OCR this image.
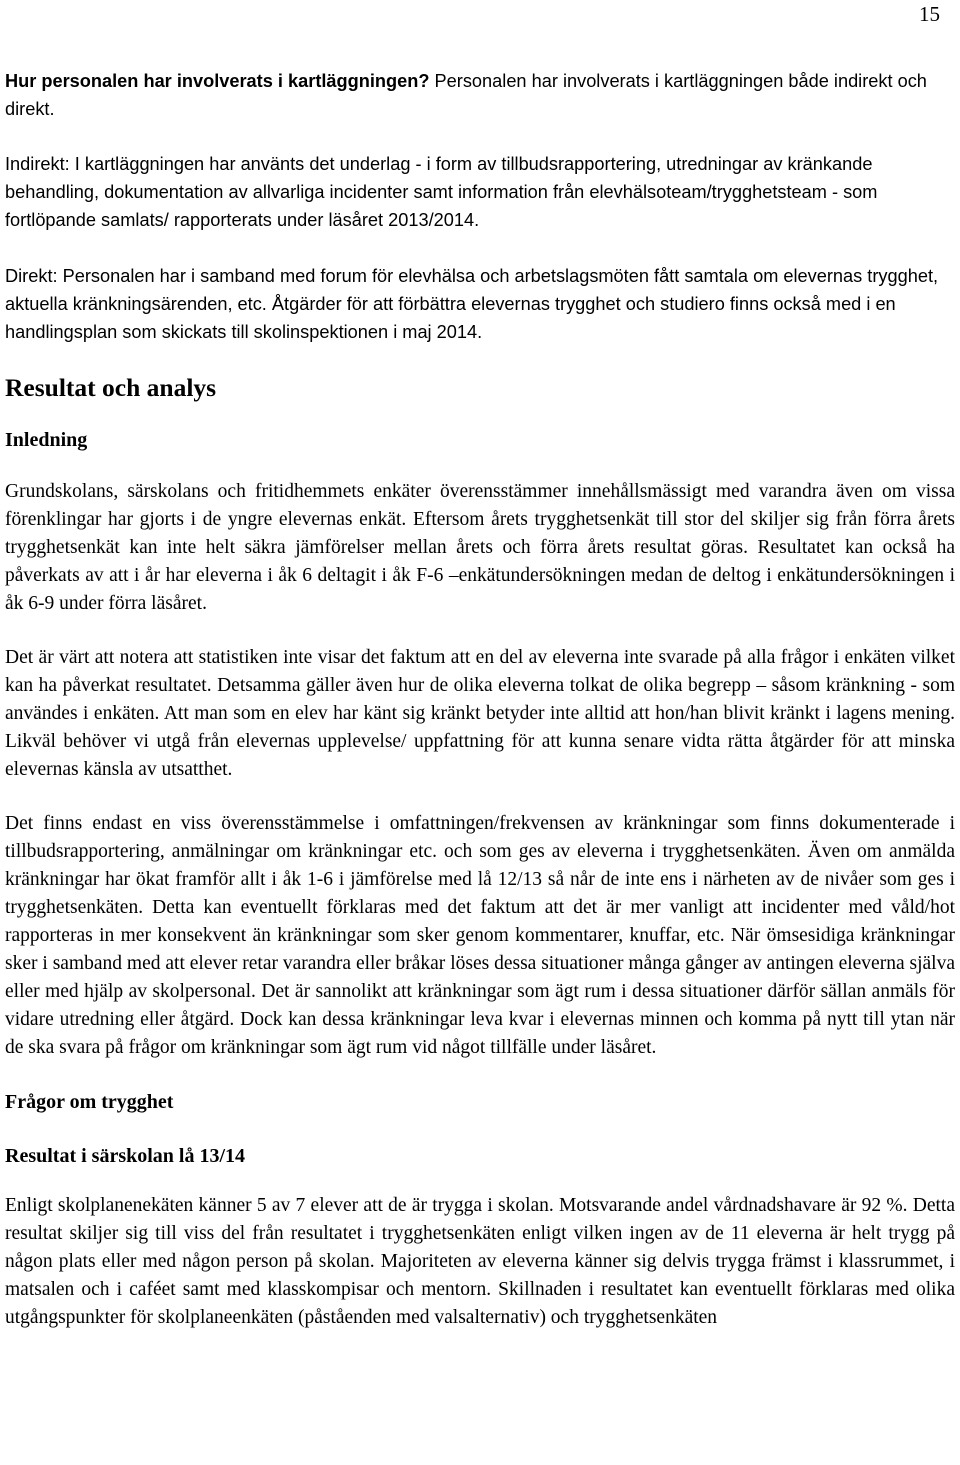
15

Hur personalen har involverats i kartläggningen? Personalen har involverats i kartläggningen både indirekt och direkt.

Indirekt: I kartläggningen har använts det underlag - i form av tillbudsrapportering, utredningar av kränkande behandling, dokumentation av allvarliga incidenter samt information från elevhälsoteam/trygghetsteam - som fortlöpande samlats/ rapporterats under läsåret 2013/2014.

Direkt: Personalen har i samband med forum för elevhälsa och arbetslagsmöten fått samtala om elevernas trygghet, aktuella kränkningsärenden, etc. Åtgärder för att förbättra elevernas trygghet och studiero finns också med i en handlingsplan som skickats till skolinspektionen i maj 2014.

Resultat och analys
Inledning

Grundskolans, särskolans och fritidhemmets enkäter överensstämmer innehållsmässigt med varandra även om vissa förenklingar har gjorts i de yngre elevernas enkät. Eftersom årets trygghetsenkät till stor del skiljer sig från förra årets trygghetsenkät kan inte helt säkra jämförelser mellan årets och förra årets resultat göras. Resultatet kan också ha påverkats av att i år har eleverna i åk 6 deltagit i åk F-6 –enkätundersökningen medan de deltog i enkätundersökningen i åk 6-9 under förra läsåret.

Det är värt att notera att statistiken inte visar det faktum att en del av eleverna inte svarade på alla frågor i enkäten vilket kan ha påverkat resultatet. Detsamma gäller även hur de olika eleverna tolkat de olika begrepp – såsom kränkning - som användes i enkäten. Att man som en elev har känt sig kränkt betyder inte alltid att hon/han blivit kränkt i lagens mening. Likväl behöver vi utgå från elevernas upplevelse/ uppfattning för att kunna senare vidta rätta åtgärder för att minska elevernas känsla av utsatthet.

Det finns endast en viss överensstämmelse i omfattningen/frekvensen av kränkningar som finns dokumenterade i tillbudsrapportering, anmälningar om kränkningar etc. och som ges av eleverna i trygghetsenkäten. Även om anmälda kränkningar har ökat framför allt i åk 1-6 i jämförelse med lå 12/13 så når de inte ens i närheten av de nivåer som ges i trygghetsenkäten. Detta kan eventuellt förklaras med det faktum att det är mer vanligt att incidenter med våld/hot rapporteras in mer konsekvent än kränkningar som sker genom kommentarer, knuffar, etc. När ömsesidiga kränkningar sker i samband med att elever retar varandra eller bråkar löses dessa situationer många gånger av antingen eleverna själva eller med hjälp av skolpersonal. Det är sannolikt att kränkningar som ägt rum i dessa situationer därför sällan anmäls för vidare utredning eller åtgärd. Dock kan dessa kränkningar leva kvar i elevernas minnen och komma på nytt till ytan när de ska svara på frågor om kränkningar som ägt rum vid något tillfälle under läsåret.

Frågor om trygghet
Resultat i särskolan lå 13/14

Enligt skolplanenekäten känner 5 av 7 elever att de är trygga i skolan. Motsvarande andel vårdnadshavare är 92 %. Detta resultat skiljer sig till viss del från resultatet i trygghetsenkäten enligt vilken ingen av de 11 eleverna är helt trygg på någon plats eller med någon person på skolan. Majoriteten av eleverna känner sig delvis trygga främst i klassrummet, i matsalen och i caféet samt med klasskompisar och mentorn. Skillnaden i resultatet kan eventuellt förklaras med olika utgångspunkter för skolplaneenkäten (påståenden med valsalternativ) och trygghetsenkäten
